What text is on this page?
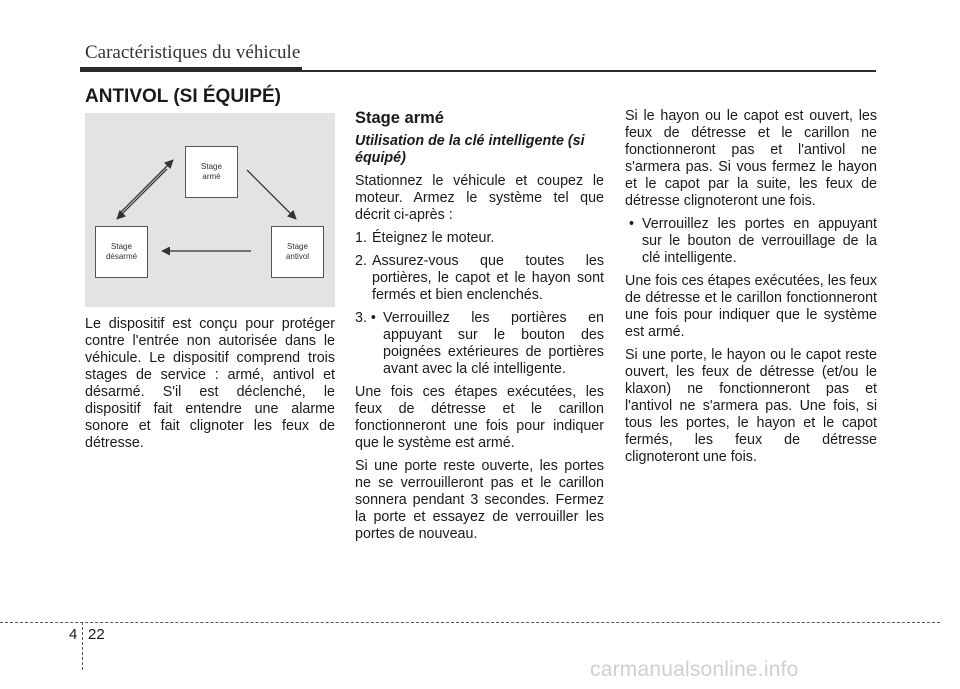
Caractéristiques du véhicule
ANTIVOL (SI ÉQUIPÉ)
Stage
armé
Stage
désarmé
Stage
antivol

Le dispositif est conçu pour protéger contre l'entrée non autorisée dans le véhicule. Le dispositif comprend trois stages de service : armé, antivol et désarmé. S'il est déclenché, le dispositif fait entendre une alarme sonore et fait clignoter les feux de détresse.

Stage armé
Utilisation de la clé intelligente (si équipé)

Stationnez le véhicule et coupez le moteur. Armez le système tel que décrit ci-après :

1. Éteignez le moteur.
2. Assurez-vous que toutes les portières, le capot et le hayon sont fermés et bien enclenchés.
3. • Verrouillez les portières en appuyant sur le bouton des poignées extérieures de portières avant avec la clé intelligente.

Une fois ces étapes exécutées, les feux de détresse et le carillon fonctionneront une fois pour indiquer que le système est armé.

Si une porte reste ouverte, les portes ne se verrouilleront pas et le carillon sonnera pendant 3 secondes. Fermez la porte et essayez de verrouiller les portes de nouveau.

Si le hayon ou le capot est ouvert, les feux de détresse et le carillon ne fonctionneront pas et l'antivol ne s'armera pas. Si vous fermez le hayon et le capot par la suite, les feux de détresse clignoteront une fois.

• Verrouillez les portes en appuyant sur le bouton de verrouillage de la clé intelligente.

Une fois ces étapes exécutées, les feux de détresse et le carillon fonctionneront une fois pour indiquer que le système est armé.

Si une porte, le hayon ou le capot reste ouvert, les feux de détresse (et/ou le klaxon) ne fonctionneront pas et l'antivol ne s'armera pas. Une fois, si tous les portes, le hayon et le capot fermés, les feux de détresse clignoteront une fois.

4 22
carmanualsonline.info
